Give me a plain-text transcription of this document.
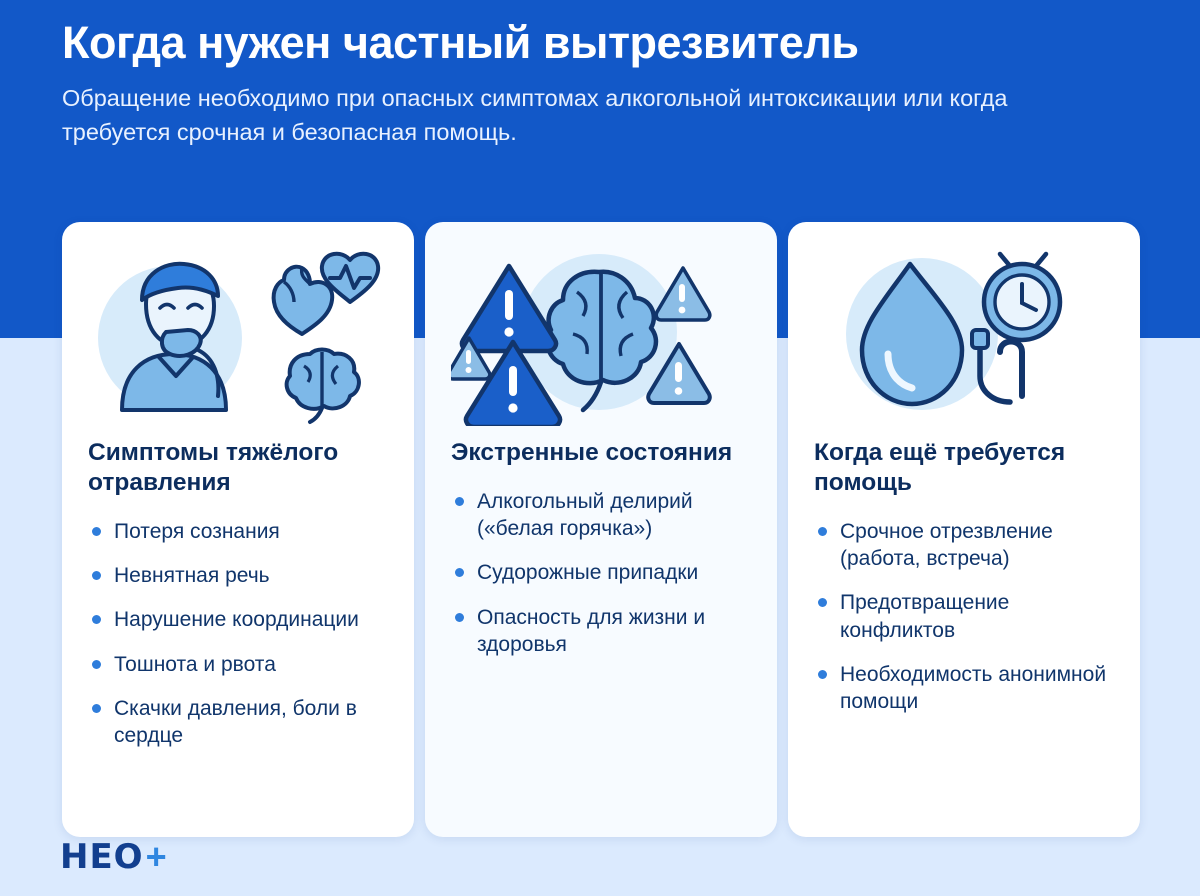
Когда нужен частный вытрезвитель
Обращение необходимо при опасных симптомах алкогольной интоксикации или когда требуется срочная и безопасная помощь.
Симптомы тяжёлого отравления
Потеря сознания
Невнятная речь
Нарушение координации
Тошнота и рвота
Скачки давления, боли в сердце
Экстренные состояния
Алкогольный делирий («белая горячка»)
Судорожные припадки
Опасность для жизни и здоровья
Когда ещё требуется помощь
Срочное отрезвление (работа, встреча)
Предотвращение конфликтов
Необходимость анонимной помощи
НЕО +
